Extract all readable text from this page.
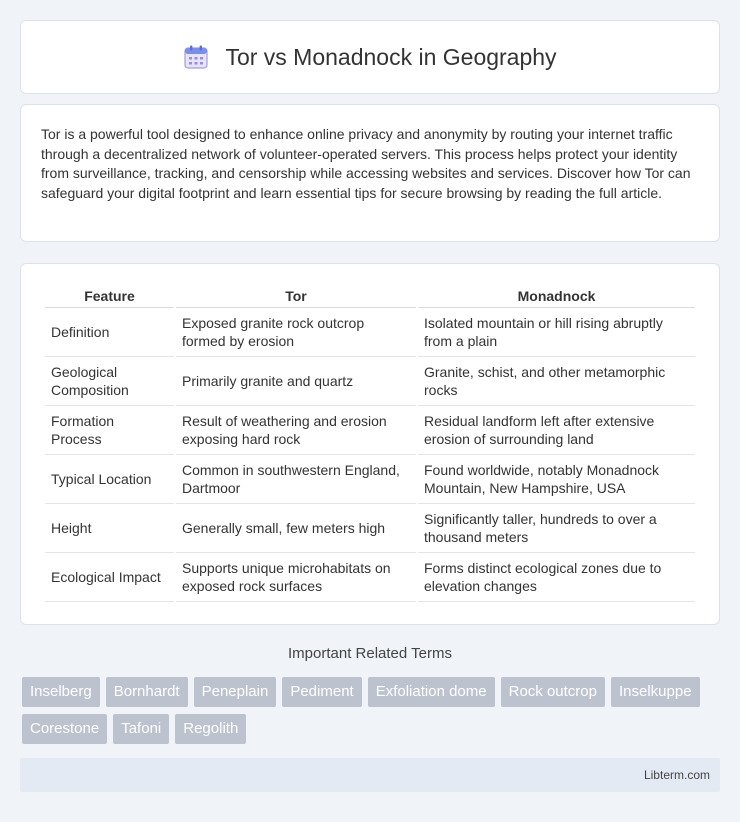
Tor vs Monadnock in Geography

Tor is a powerful tool designed to enhance online privacy and anonymity by routing your internet traffic through a decentralized network of volunteer-operated servers. This process helps protect your identity from surveillance, tracking, and censorship while accessing websites and services. Discover how Tor can safeguard your digital footprint and learn essential tips for secure browsing by reading the full article.

Feature	Tor	Monadnock
Definition	Exposed granite rock outcrop formed by erosion	Isolated mountain or hill rising abruptly from a plain
Geological Composition	Primarily granite and quartz	Granite, schist, and other metamorphic rocks
Formation Process	Result of weathering and erosion exposing hard rock	Residual landform left after extensive erosion of surrounding land
Typical Location	Common in southwestern England, Dartmoor	Found worldwide, notably Monadnock Mountain, New Hampshire, USA
Height	Generally small, few meters high	Significantly taller, hundreds to over a thousand meters
Ecological Impact	Supports unique microhabitats on exposed rock surfaces	Forms distinct ecological zones due to elevation changes
Important Related Terms
Inselberg	Bornhardt	Peneplain	Pediment	Exfoliation dome	Rock outcrop	Inselkuppe
Corestone	Tafoni	Regolith
Libterm.com
